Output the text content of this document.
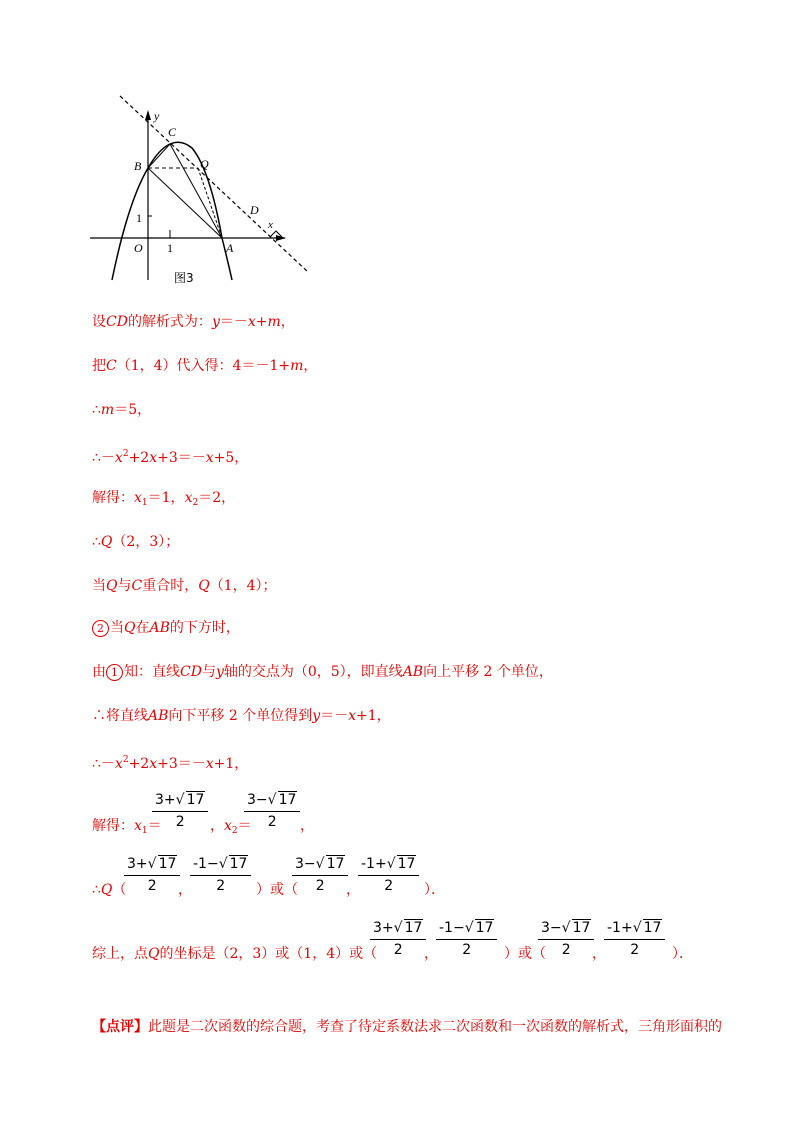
y
C
B	Q
D
x
O	A
1
1
图3
设CD的解析式为：y＝－x+m，
把C（1，4）代入得：4＝－1+m，
∴m＝5，
$\therefore-x^2+2x+3=-x+5$，
解得：$x_1=1$，$x_2=2$，
∴Q（2，3）；
当Q与C重合时，Q（1，4）；
2 当Q在AB的下方时，
由 1 知：直线CD与y轴的交点为（0，5），即直线AB向上平移 2 个单位，
∴将直线AB向下平移 2 个单位得到y＝－x+1，
$\therefore-x^2+2x+3=-x+1$，
解得：$x_1=$
$\frac{3+√ 17}{2}$ ，$x_2=$
$\frac{3-√ 17}{2}$ ，
∴Q（
$\frac{3+√ 17}{2}$
，
$\frac{-1-√ 17}{2}$ ）或（
$\frac{3-√ 17}{2}$
，
$\frac{-1+√ 17}{2}$ ）．
综上，点Q的坐标是（2，3）或（1，4）或（
$\frac{3+√ 17}{2}$
，
$\frac{-1-√ 17}{2}$ ）或（
$\frac{3-√ 17}{2}$
，
$\frac{-1+√ 17}{2}$ ）．
【点评】此题是二次函数的综合题，考查了待定系数法求二次函数和一次函数的解析式，三角形面积的
